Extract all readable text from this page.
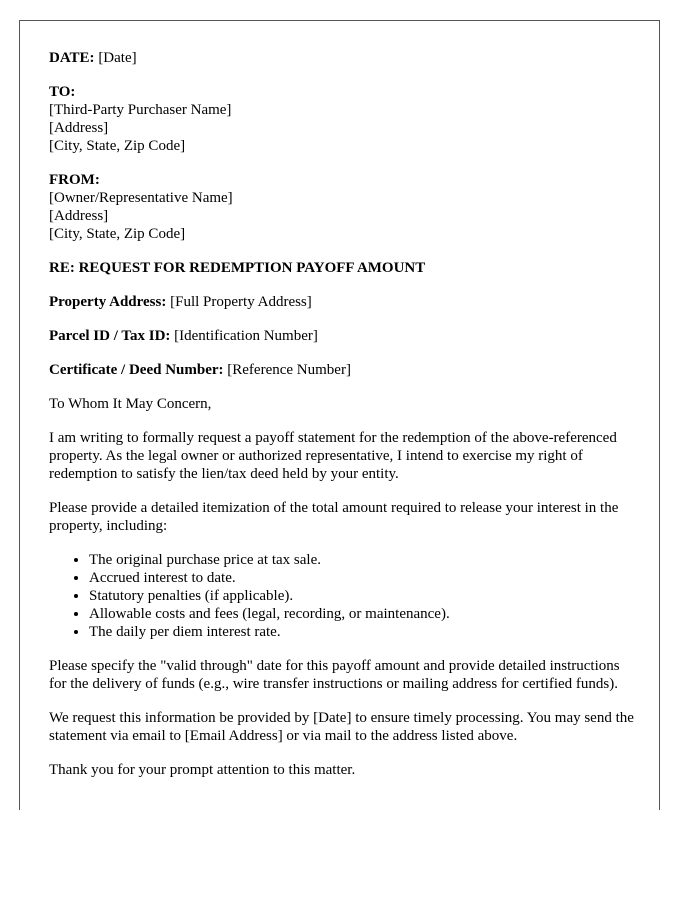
DATE: [Date]
TO:
[Third-Party Purchaser Name]
[Address]
[City, State, Zip Code]
FROM:
[Owner/Representative Name]
[Address]
[City, State, Zip Code]
RE: REQUEST FOR REDEMPTION PAYOFF AMOUNT
Property Address: [Full Property Address]
Parcel ID / Tax ID: [Identification Number]
Certificate / Deed Number: [Reference Number]
To Whom It May Concern,
I am writing to formally request a payoff statement for the redemption of the above-referenced property. As the legal owner or authorized representative, I intend to exercise my right of redemption to satisfy the lien/tax deed held by your entity.
Please provide a detailed itemization of the total amount required to release your interest in the property, including:
• The original purchase price at tax sale.
• Accrued interest to date.
• Statutory penalties (if applicable).
• Allowable costs and fees (legal, recording, or maintenance).
• The daily per diem interest rate.
Please specify the "valid through" date for this payoff amount and provide detailed instructions for the delivery of funds (e.g., wire transfer instructions or mailing address for certified funds).
We request this information be provided by [Date] to ensure timely processing. You may send the statement via email to [Email Address] or via mail to the address listed above.
Thank you for your prompt attention to this matter.
